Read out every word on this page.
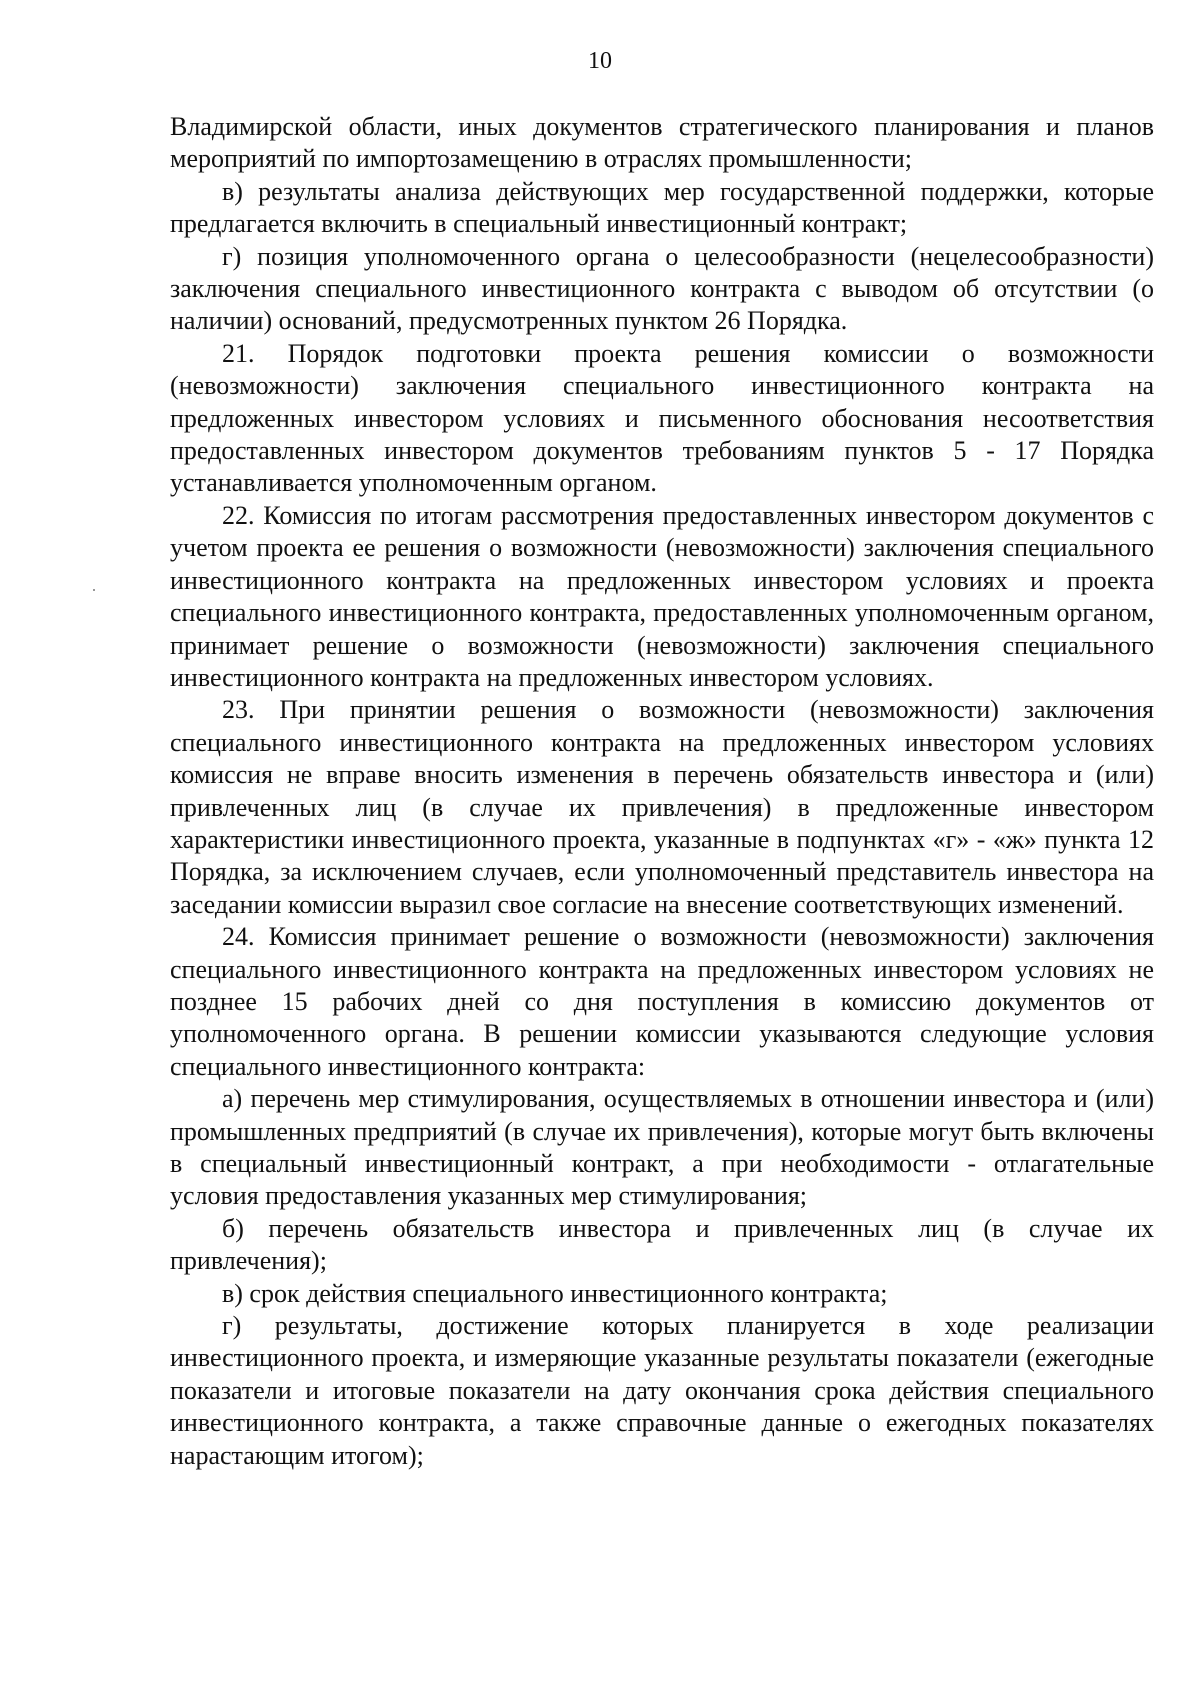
10

Владимирской области, иных документов стратегического планирования и планов мероприятий по импортозамещению в отраслях промышленности;

в) результаты анализа действующих мер государственной поддержки, которые предлагается включить в специальный инвестиционный контракт;

г) позиция уполномоченного органа о целесообразности (нецелесообразности) заключения специального инвестиционного контракта с выводом об отсутствии (о наличии) оснований, предусмотренных пунктом 26 Порядка.

21. Порядок подготовки проекта решения комиссии о возможности (невозможности) заключения специального инвестиционного контракта на предложенных инвестором условиях и письменного обоснования несоответствия предоставленных инвестором документов требованиям пунктов 5 - 17 Порядка устанавливается уполномоченным органом.

22. Комиссия по итогам рассмотрения предоставленных инвестором документов с учетом проекта ее решения о возможности (невозможности) заключения специального инвестиционного контракта на предложенных инвестором условиях и проекта специального инвестиционного контракта, предоставленных уполномоченным органом, принимает решение о возможности (невозможности) заключения специального инвестиционного контракта на предложенных инвестором условиях.

23. При принятии решения о возможности (невозможности) заключения специального инвестиционного контракта на предложенных инвестором условиях комиссия не вправе вносить изменения в перечень обязательств инвестора и (или) привлеченных лиц (в случае их привлечения) в предложенные инвестором характеристики инвестиционного проекта, указанные в подпунктах «г» - «ж» пункта 12 Порядка, за исключением случаев, если уполномоченный представитель инвестора на заседании комиссии выразил свое согласие на внесение соответствующих изменений.

24. Комиссия принимает решение о возможности (невозможности) заключения специального инвестиционного контракта на предложенных инвестором условиях не позднее 15 рабочих дней со дня поступления в комиссию документов от уполномоченного органа. В решении комиссии указываются следующие условия специального инвестиционного контракта:

а) перечень мер стимулирования, осуществляемых в отношении инвестора и (или) промышленных предприятий (в случае их привлечения), которые могут быть включены в специальный инвестиционный контракт, а при необходимости - отлагательные условия предоставления указанных мер стимулирования;

б) перечень обязательств инвестора и привлеченных лиц (в случае их привлечения);

в) срок действия специального инвестиционного контракта;

г) результаты, достижение которых планируется в ходе реализации инвестиционного проекта, и измеряющие указанные результаты показатели (ежегодные показатели и итоговые показатели на дату окончания срока действия специального инвестиционного контракта, а также справочные данные о ежегодных показателях нарастающим итогом);
